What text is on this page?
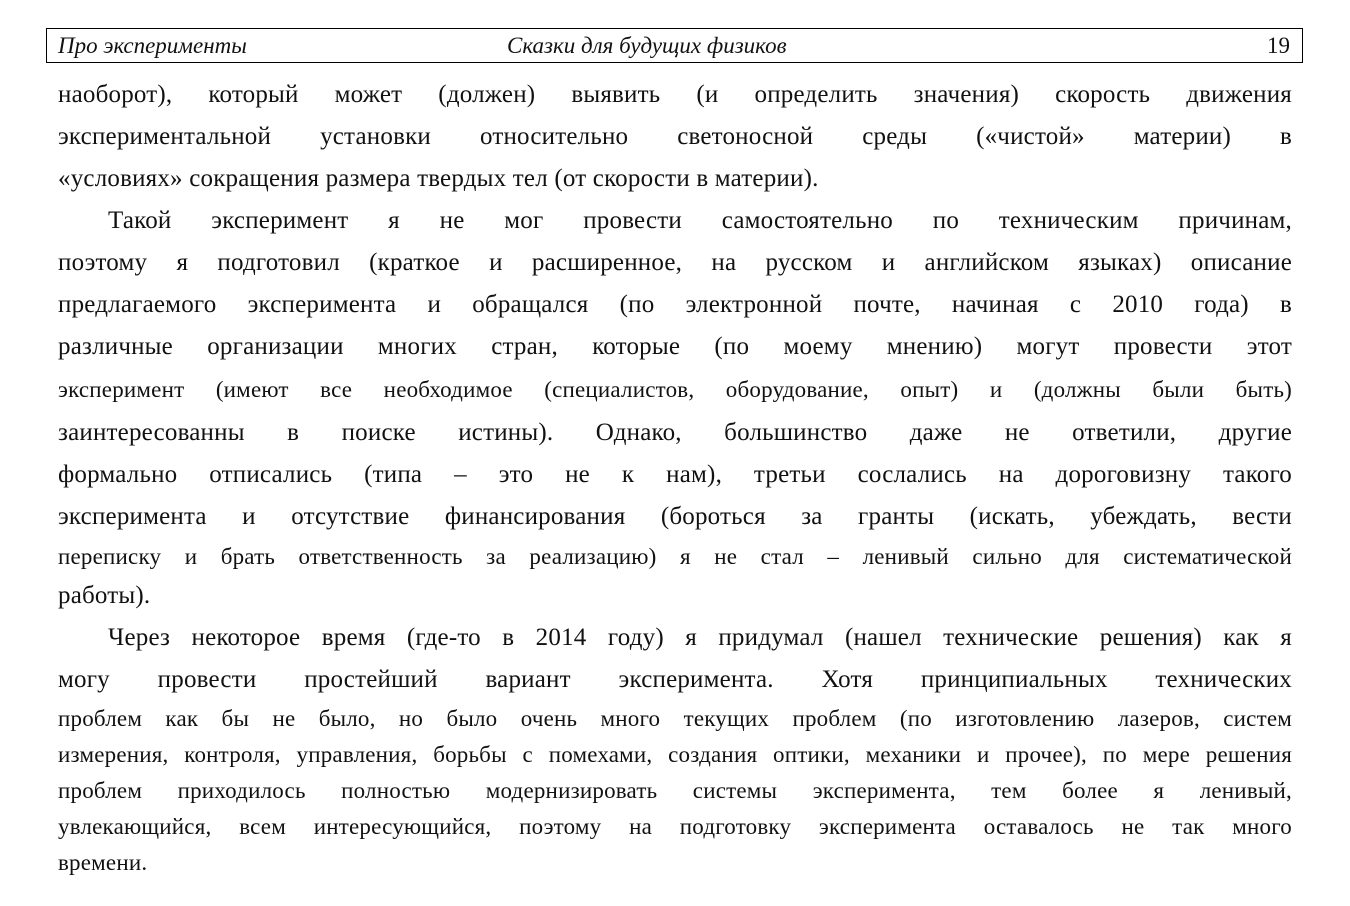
Про эксперименты	Сказки для будущих физиков	19

наоборот), который может (должен) выявить (и определить значения) скорость движения

экспериментальной установки относительно светоносной среды («чистой» материи) в

«условиях» сокращения размера твердых тел (от скорости в материи).

Такой эксперимент я не мог провести самостоятельно по техническим причинам,

поэтому я подготовил (краткое и расширенное, на русском и английском языках) описание

предлагаемого эксперимента и обращался (по электронной почте, начиная с 2010 года) в

различные организации многих стран, которые (по моему мнению) могут провести этот

эксперимент (имеют все необходимое (специалистов, оборудование, опыт) и (должны были быть)

заинтересованны в поиске истины). Однако, большинство даже не ответили, другие

формально отписались (типа – это не к нам), третьи сослались на дороговизну такого

эксперимента и отсутствие финансирования (бороться за гранты (искать, убеждать, вести

переписку и брать ответственность за реализацию) я не стал – ленивый сильно для систематической

работы).

Через некоторое время (где-то в 2014 году) я придумал (нашел технические решения) как я

могу провести простейший вариант эксперимента. Хотя принципиальных технических

проблем как бы не было, но было очень много текущих проблем (по изготовлению лазеров, систем

измерения, контроля, управления, борьбы с помехами, создания оптики, механики и прочее), по мере решения

проблем приходилось полностью модернизировать системы эксперимента, тем более я ленивый,

увлекающийся, всем интересующийся, поэтому на подготовку эксперимента оставалось не так много

времени.
